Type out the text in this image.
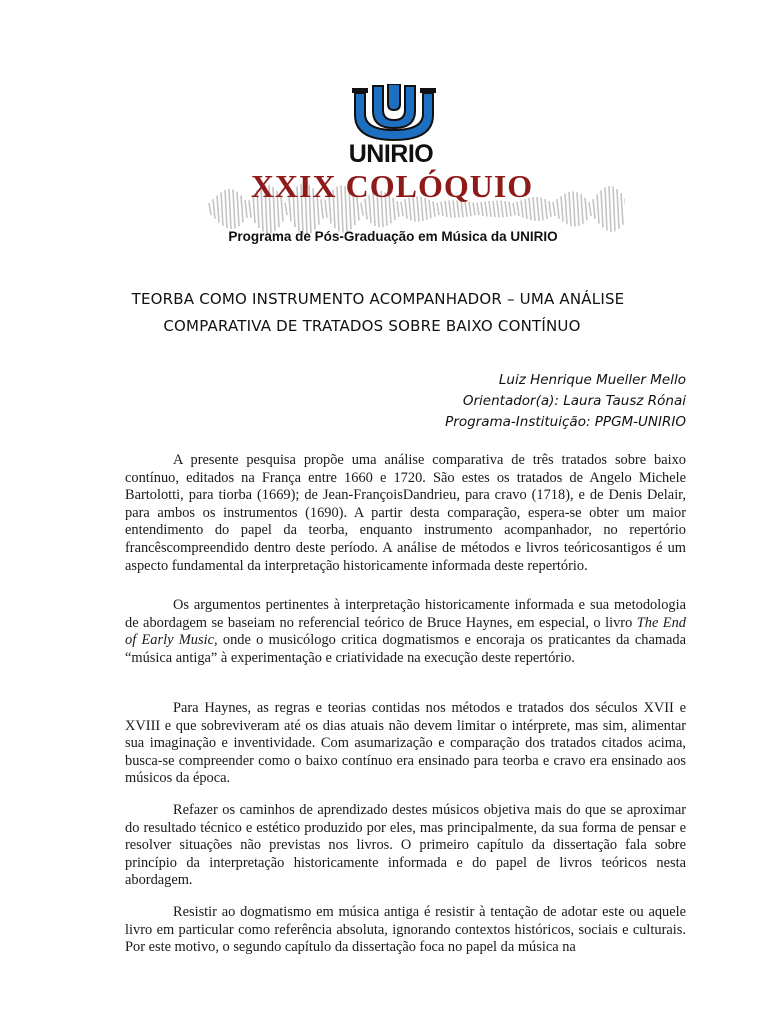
UNIRIO
XXIX COLÓQUIO
Programa de Pós-Graduação em Música da UNIRIO
TEORBA COMO INSTRUMENTO ACOMPANHADOR – UMA ANÁLISE
COMPARATIVA DE TRATADOS SOBRE BAIXO CONTÍNUO
Luiz Henrique Mueller Mello
Orientador(a): Laura Tausz Rónai
Programa-Instituição: PPGM-UNIRIO

A presente pesquisa propõe uma análise comparativa de três tratados sobre baixo contínuo, editados na França entre 1660 e 1720. São estes os tratados de Angelo Michele Bartolotti, para tiorba (1669); de Jean-FrançoisDandrieu, para cravo (1718), e de Denis Delair, para ambos os instrumentos (1690). A partir desta comparação, espera-se obter um maior entendimento do papel da teorba, enquanto instrumento acompanhador, no repertório francêscompreendido dentro deste período. A análise de métodos e livros teóricosantigos é um aspecto fundamental da interpretação historicamente informada deste repertório.

Os argumentos pertinentes à interpretação historicamente informada e sua metodologia de abordagem se baseiam no referencial teórico de Bruce Haynes, em especial, o livro The End of Early Music, onde o musicólogo critica dogmatismos e encoraja os praticantes da chamada “música antiga” à experimentação e criatividade na execução deste repertório.

Para Haynes, as regras e teorias contidas nos métodos e tratados dos séculos XVII e XVIII e que sobreviveram até os dias atuais não devem limitar o intérprete, mas sim, alimentar sua imaginação e inventividade. Com asumarização e comparação dos tratados citados acima, busca-se compreender como o baixo contínuo era ensinado para teorba e cravo era ensinado aos músicos da época.

Refazer os caminhos de aprendizado destes músicos objetiva mais do que se aproximar do resultado técnico e estético produzido por eles, mas principalmente, da sua forma de pensar e resolver situações não previstas nos livros. O primeiro capítulo da dissertação fala sobre princípio da interpretação historicamente informada e do papel de livros teóricos nesta abordagem.

Resistir ao dogmatismo em música antiga é resistir à tentação de adotar este ou aquele livro em particular como referência absoluta, ignorando contextos históricos, sociais e culturais. Por este motivo, o segundo capítulo da dissertação foca no papel da música na
